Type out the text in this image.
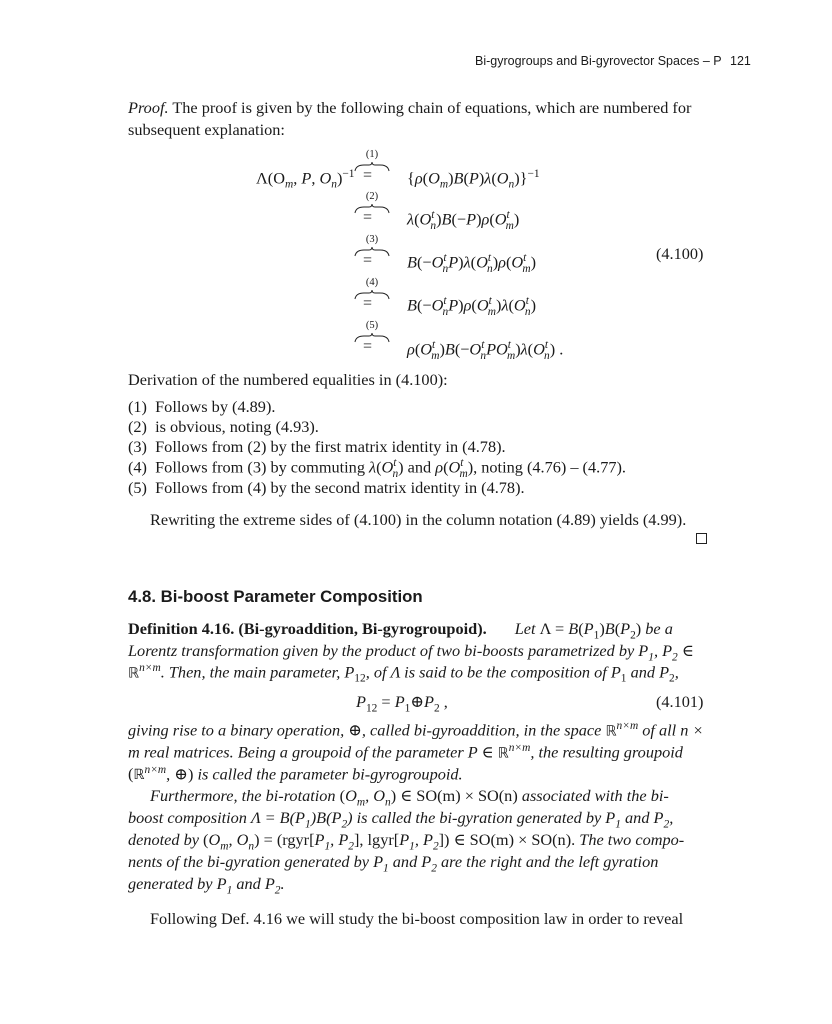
Bi-gyrogroups and Bi-gyrovector Spaces – P 121
Proof. The proof is given by the following chain of equations, which are numbered for
subsequent explanation:
$\Lambda(O_m$, P, $O_n)^{-1}$
(1)
= $\{\rho(O_m)B(P)\lambda(O_n)\}^{-1}$
(2)
= $\lambda(O^t_n)B(-P)\rho(O^t_m)$
(3)
= $B(-O^t_nP)\lambda(O^t_n)\rho(O^t_m)$	(4.100)
(4)
= $B(-O^t_nP)\rho(O^t_m)\lambda(O^t_n)$
(5)
= $\rho(O^t_m)B(-O^t_nPO^t_m)\lambda(O^t_n)$ .
Derivation of the numbered equalities in (4.100):
(1) Follows by (4.89).
(2) is obvious, noting (4.93).
(3) Follows from (2) by the first matrix identity in (4.78).
(4) Follows from (3) by commuting $\lambda(O^t_n)$ and $\rho(O^t_m)$, noting (4.76) – (4.77).
(5) Follows from (4) by the second matrix identity in (4.78).
Rewriting the extreme sides of (4.100) in the column notation (4.89) yields (4.99).
4.8. Bi-boost Parameter Composition
Definition 4.16. (Bi-gyroaddition, Bi-gyrogroupoid). Let $\Lambda = B(P_1)B(P_2)$ be a
Lorentz transformation given by the product of two bi-boosts parametrized by $P_1$, $P_2$ ∈
ℝ$^{n\times m}$. Then, the main parameter, $P_{12}$, of Λ is said to be the composition of $P_1$ and $P_2$,
$P_{12}$ = $P_1\oplus P_2$ ,	(4.101)
giving rise to a binary operation, ⊕, called bi-gyroaddition, in the space ℝ$^{n\times m}$ of all n ×
m real matrices. Being a groupoid of the parameter P ∈ ℝ$^{n\times m}$, the resulting groupoid
(ℝ$^{n\times m}$, ⊕) is called the parameter bi-gyrogroupoid.
Furthermore, the bi-rotation ($O_m$, $O_n$) ∈ SO(m) × SO(n) associated with the bi-
boost composition $\Lambda = B(P_1)B(P_2)$ is called the bi-gyration generated by $P_1$ and $P_2$,
denoted by ($O_m$, $O_n$) = ($rgyr[P_1$, $P_2$], $lgyr[P_1$, $P_2$]) ∈ SO(m) × SO(n). The two compo-
nents of the bi-gyration generated by $P_1$ and $P_2$ are the right and the left gyration
generated by $P_1$ and $P_2$.
Following Def. 4.16 we will study the bi-boost composition law in order to reveal
